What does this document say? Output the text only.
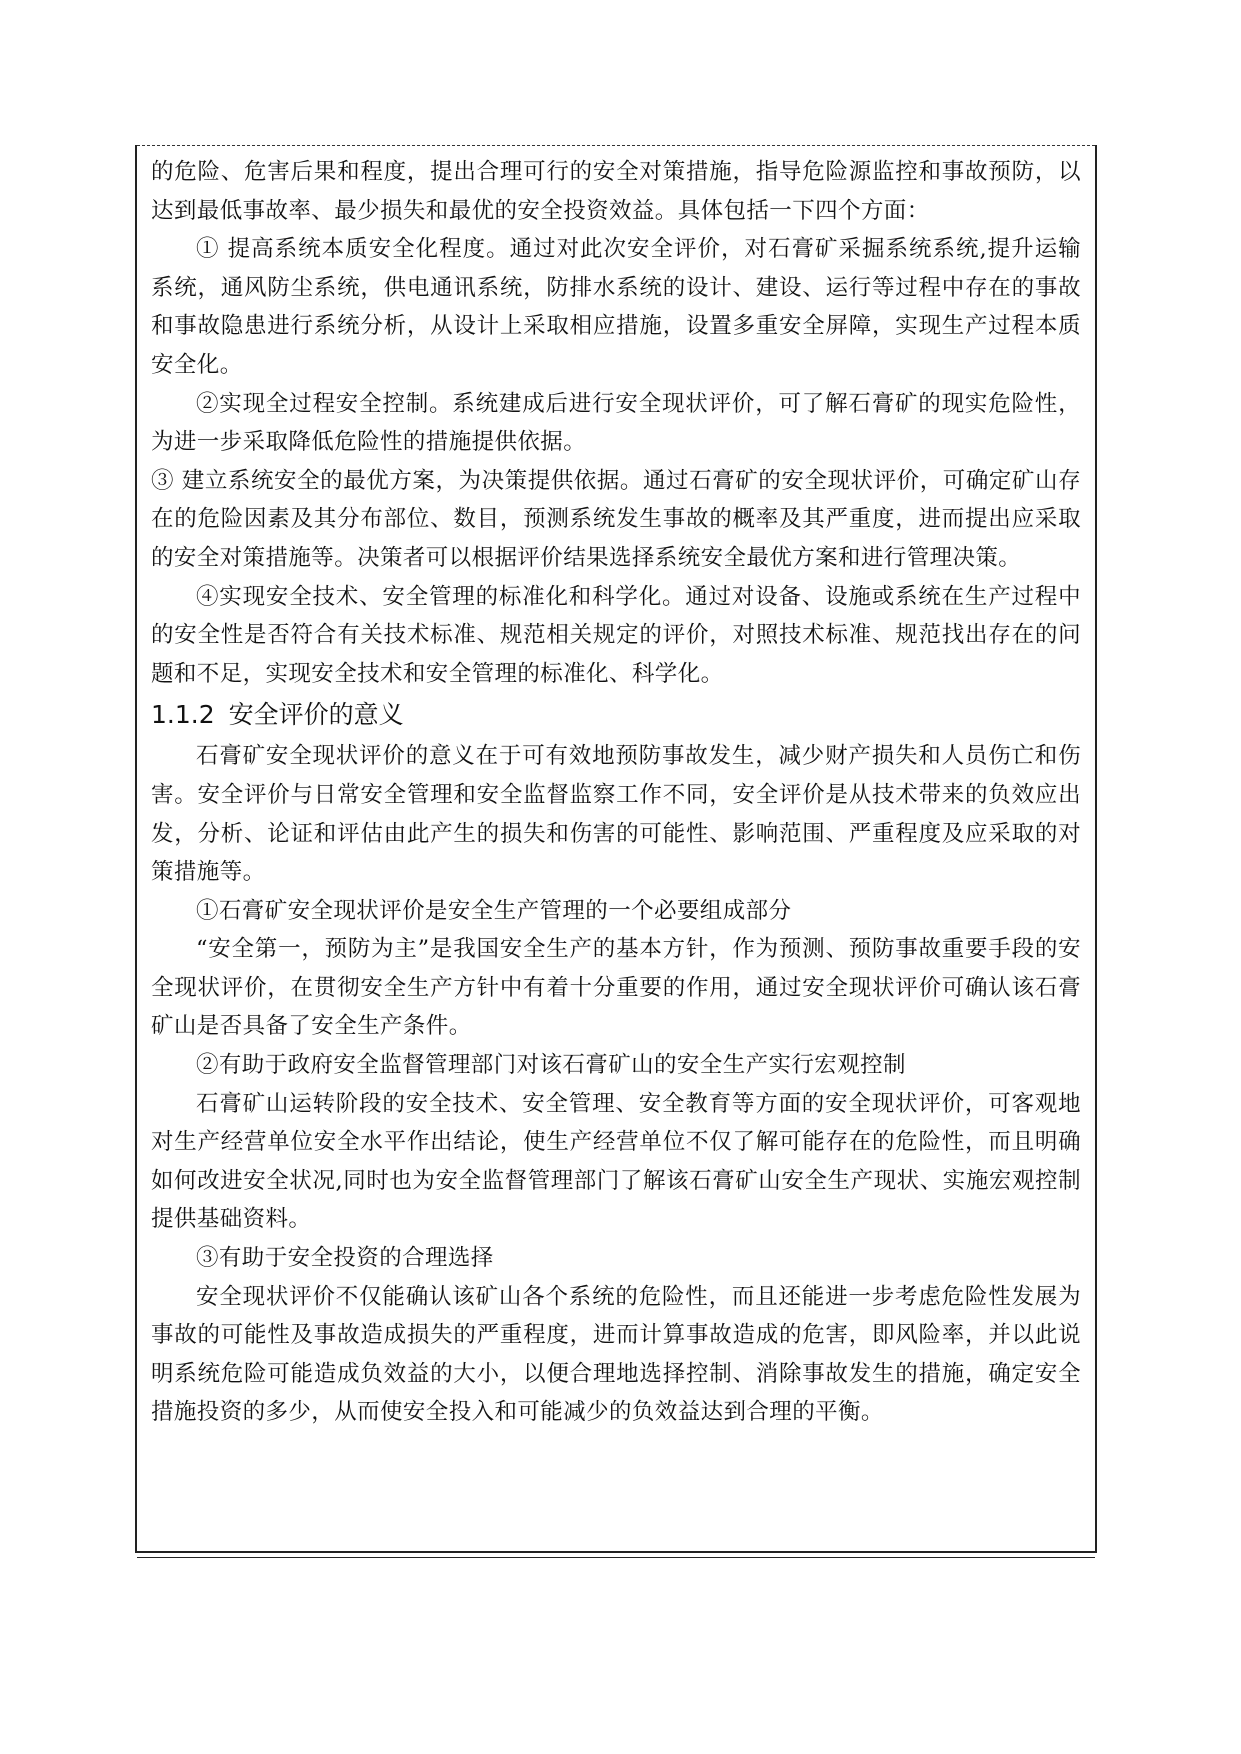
的危险、危害后果和程度，提出合理可行的安全对策措施，指导危险源监控和事故预防，以达到最低事故率、最少损失和最优的安全投资效益。具体包括一下四个方面：

① 提高系统本质安全化程度。通过对此次安全评价，对石膏矿采掘系统系统,提升运输系统，通风防尘系统，供电通讯系统，防排水系统的设计、建设、运行等过程中存在的事故和事故隐患进行系统分析，从设计上采取相应措施，设置多重安全屏障，实现生产过程本质安全化。

②实现全过程安全控制。系统建成后进行安全现状评价，可了解石膏矿的现实危险性，为进一步采取降低危险性的措施提供依据。

③ 建立系统安全的最优方案，为决策提供依据。通过石膏矿的安全现状评价，可确定矿山存在的危险因素及其分布部位、数目，预测系统发生事故的概率及其严重度，进而提出应采取的安全对策措施等。决策者可以根据评价结果选择系统安全最优方案和进行管理决策。

④实现安全技术、安全管理的标准化和科学化。通过对设备、设施或系统在生产过程中的安全性是否符合有关技术标准、规范相关规定的评价，对照技术标准、规范找出存在的问题和不足，实现安全技术和安全管理的标准化、科学化。

1.1.2 安全评价的意义

石膏矿安全现状评价的意义在于可有效地预防事故发生，减少财产损失和人员伤亡和伤害。安全评价与日常安全管理和安全监督监察工作不同，安全评价是从技术带来的负效应出发，分析、论证和评估由此产生的损失和伤害的可能性、影响范围、严重程度及应采取的对策措施等。

①石膏矿安全现状评价是安全生产管理的一个必要组成部分

“安全第一，预防为主”是我国安全生产的基本方针，作为预测、预防事故重要手段的安全现状评价，在贯彻安全生产方针中有着十分重要的作用，通过安全现状评价可确认该石膏矿山是否具备了安全生产条件。

②有助于政府安全监督管理部门对该石膏矿山的安全生产实行宏观控制

石膏矿山运转阶段的安全技术、安全管理、安全教育等方面的安全现状评价，可客观地对生产经营单位安全水平作出结论，使生产经营单位不仅了解可能存在的危险性，而且明确如何改进安全状况,同时也为安全监督管理部门了解该石膏矿山安全生产现状、实施宏观控制提供基础资料。

③有助于安全投资的合理选择

安全现状评价不仅能确认该矿山各个系统的危险性，而且还能进一步考虑危险性发展为事故的可能性及事故造成损失的严重程度，进而计算事故造成的危害，即风险率，并以此说明系统危险可能造成负效益的大小，以便合理地选择控制、消除事故发生的措施，确定安全措施投资的多少，从而使安全投入和可能减少的负效益达到合理的平衡。
